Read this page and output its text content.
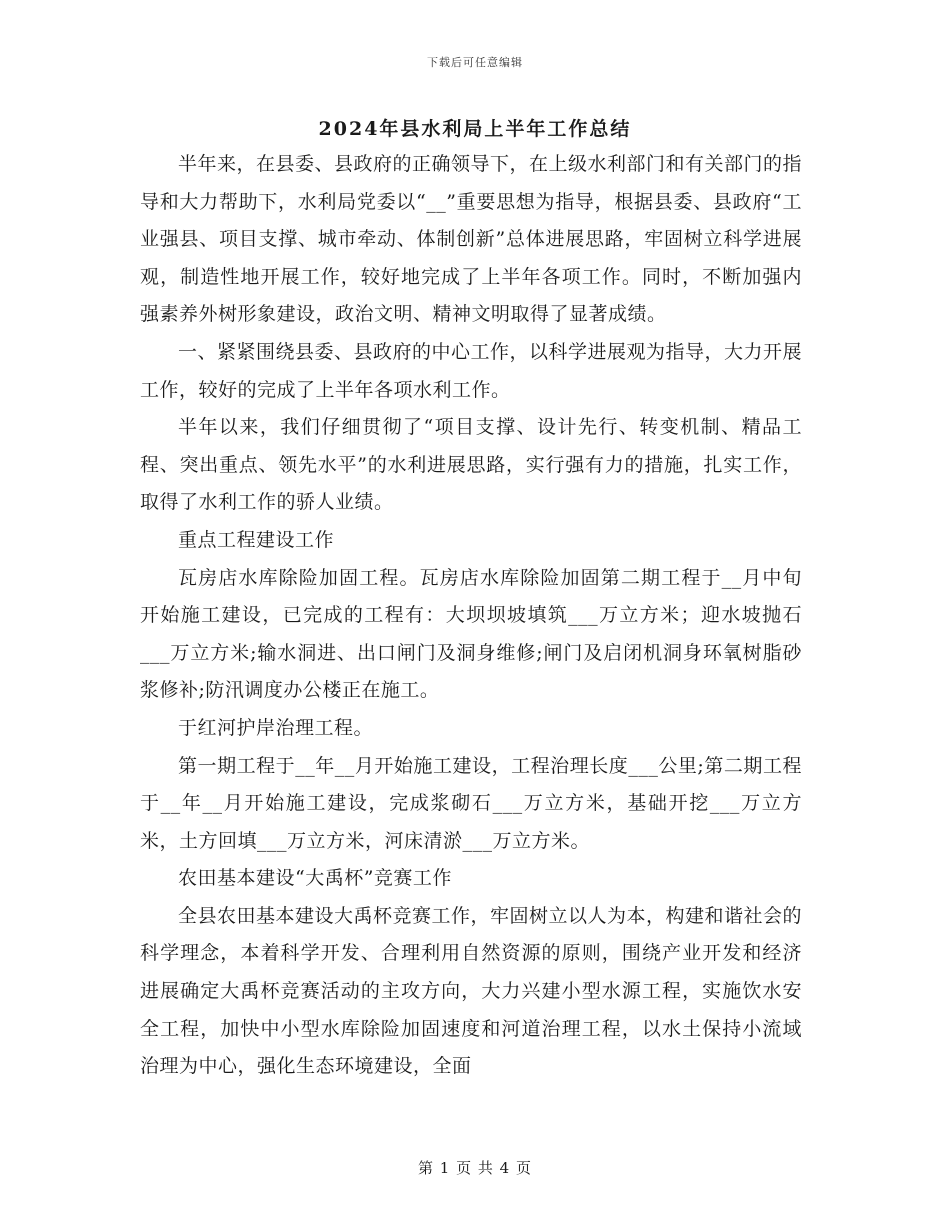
下载后可任意编辑
2024年县水利局上半年工作总结

半年来，在县委、县政府的正确领导下，在上级水利部门和有关部门的指导和大力帮助下，水利局党委以“__”重要思想为指导，根据县委、县政府“工业强县、项目支撑、城市牵动、体制创新”总体进展思路，牢固树立科学进展观，制造性地开展工作，较好地完成了上半年各项工作。同时，不断加强内强素养外树形象建设，政治文明、精神文明取得了显著成绩。

一、紧紧围绕县委、县政府的中心工作，以科学进展观为指导，大力开展工作，较好的完成了上半年各项水利工作。

半年以来，我们仔细贯彻了“项目支撑、设计先行、转变机制、精品工程、突出重点、领先水平”的水利进展思路，实行强有力的措施，扎实工作，取得了水利工作的骄人业绩。

重点工程建设工作

瓦房店水库除险加固工程。瓦房店水库除险加固第二期工程于__月中旬开始施工建设，已完成的工程有：大坝坝坡填筑___万立方米；迎水坡抛石___万立方米;输水洞进、出口闸门及洞身维修;闸门及启闭机洞身环氧树脂砂浆修补;防汛调度办公楼正在施工。

于红河护岸治理工程。

第一期工程于__年__月开始施工建设，工程治理长度___公里;第二期工程于__年__月开始施工建设，完成浆砌石___万立方米，基础开挖___万立方米，土方回填___万立方米，河床清淤___万立方米。

农田基本建设“大禹杯”竞赛工作

全县农田基本建设大禹杯竞赛工作，牢固树立以人为本，构建和谐社会的科学理念，本着科学开发、合理利用自然资源的原则，围绕产业开发和经济进展确定大禹杯竞赛活动的主攻方向，大力兴建小型水源工程，实施饮水安全工程，加快中小型水库除险加固速度和河道治理工程，以水土保持小流域治理为中心，强化生态环境建设，全面

第 1 页 共 4 页
